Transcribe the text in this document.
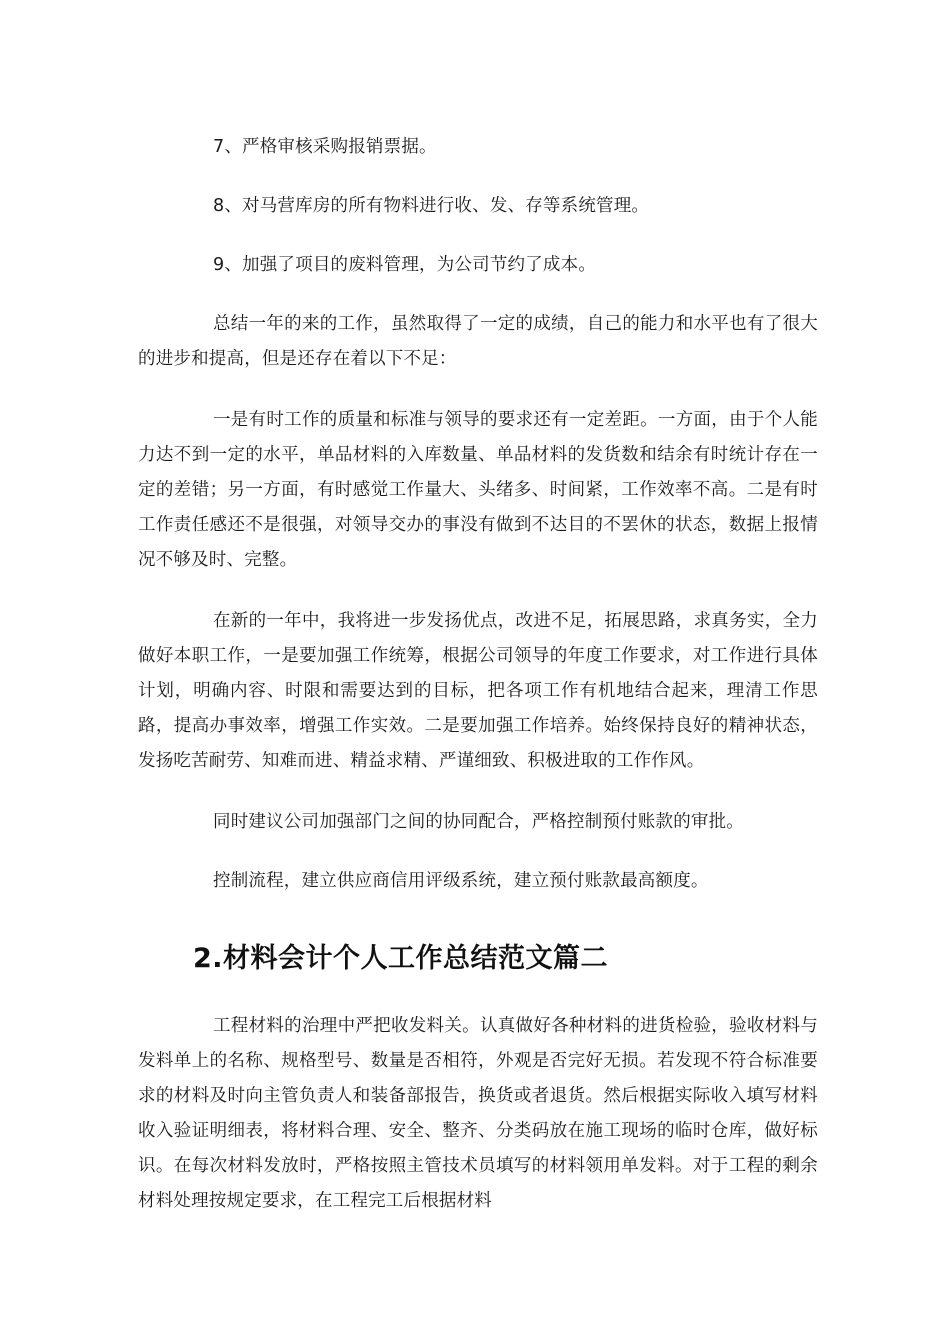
7、严格审核采购报销票据。

8、对马营库房的所有物料进行收、发、存等系统管理。

9、加强了项目的废料管理，为公司节约了成本。

总结一年的来的工作，虽然取得了一定的成绩，自己的能力和水平也有了很大的进步和提高，但是还存在着以下不足：

一是有时工作的质量和标准与领导的要求还有一定差距。一方面，由于个人能力达不到一定的水平，单品材料的入库数量、单品材料的发货数和结余有时统计存在一定的差错；另一方面，有时感觉工作量大、头绪多、时间紧，工作效率不高。二是有时工作责任感还不是很强，对领导交办的事没有做到不达目的不罢休的状态，数据上报情况不够及时、完整。

在新的一年中，我将进一步发扬优点，改进不足，拓展思路，求真务实，全力做好本职工作，一是要加强工作统筹，根据公司领导的年度工作要求，对工作进行具体计划，明确内容、时限和需要达到的目标，把各项工作有机地结合起来，理清工作思路，提高办事效率，增强工作实效。二是要加强工作培养。始终保持良好的精神状态，发扬吃苦耐劳、知难而进、精益求精、严谨细致、积极进取的工作作风。

同时建议公司加强部门之间的协同配合，严格控制预付账款的审批。

控制流程，建立供应商信用评级系统，建立预付账款最高额度。

2.材料会计个人工作总结范文篇二

工程材料的治理中严把收发料关。认真做好各种材料的进货检验，验收材料与发料单上的名称、规格型号、数量是否相符，外观是否完好无损。若发现不符合标准要求的材料及时向主管负责人和装备部报告，换货或者退货。然后根据实际收入填写材料收入验证明细表，将材料合理、安全、整齐、分类码放在施工现场的临时仓库，做好标识。在每次材料发放时，严格按照主管技术员填写的材料领用单发料。对于工程的剩余材料处理按规定要求，在工程完工后根据材料
